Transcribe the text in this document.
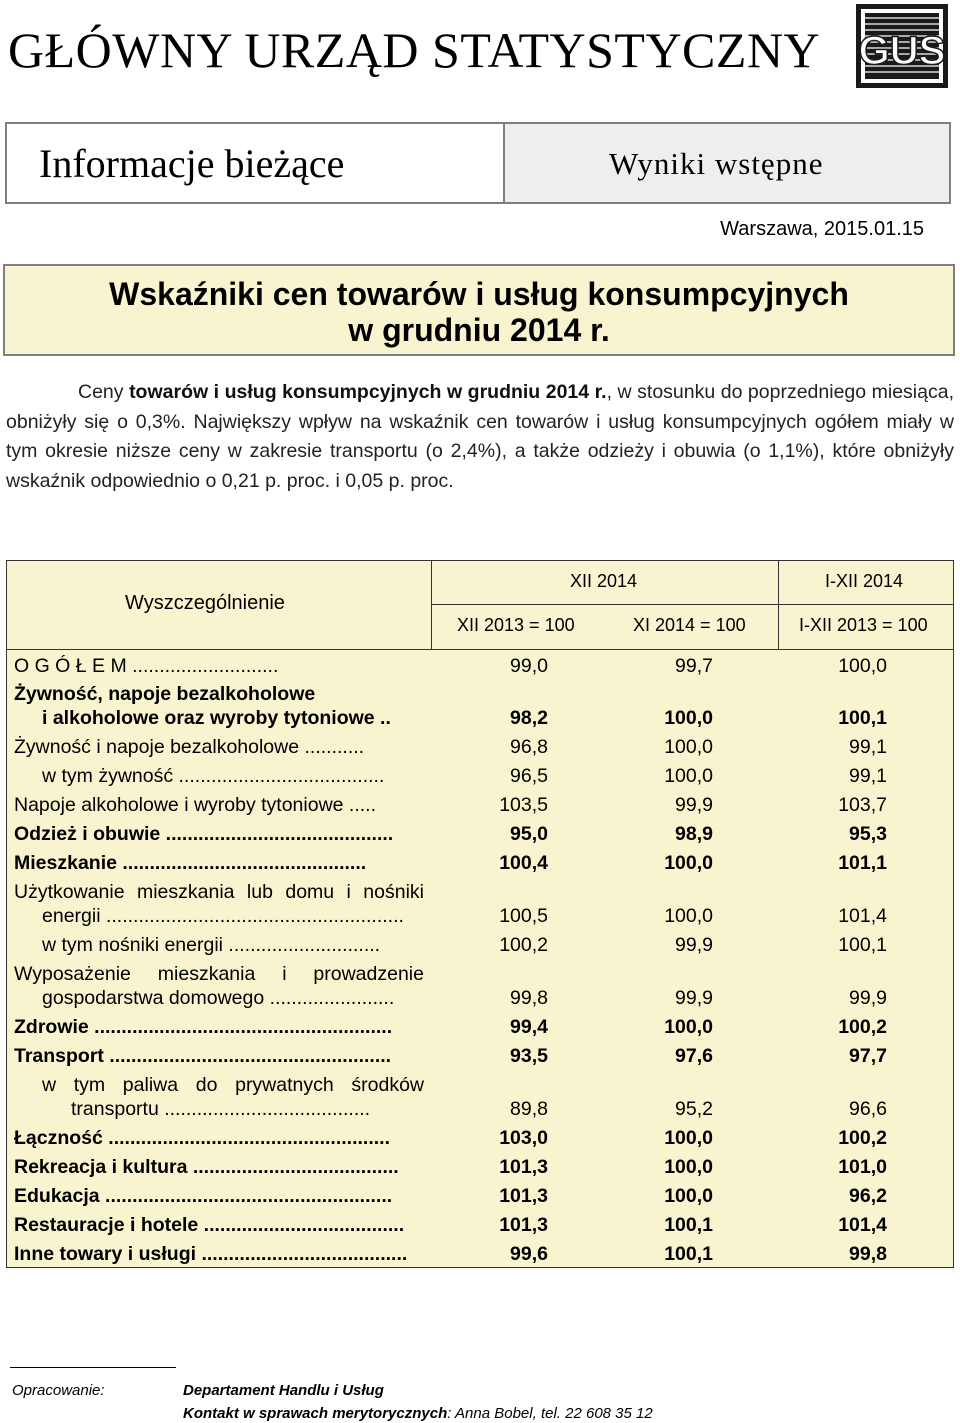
GŁÓWNY URZĄD STATYSTYCZNY GUS
Informacje bieżące	Wyniki wstępne
Warszawa, 2015.01.15
Wskaźniki cen towarów i usług konsumpcyjnych
w grudniu 2014 r.
Ceny towarów i usług konsumpcyjnych w grudniu 2014 r., w stosunku do poprzedniego miesiąca, obniżyły się o 0,3%. Największy wpływ na wskaźnik cen towarów i usług konsumpcyjnych ogółem miały w tym okresie niższe ceny w zakresie transportu (o 2,4%), a także odzieży i obuwia (o 1,1%), które obniżyły wskaźnik odpowiednio o 0,21 p. proc. i 0,05 p. proc.
Wyszczególnienie
XII 2014	I-XII 2014
XII 2013 = 100	XI 2014 = 100	I-XII 2013 = 100
O G Ó Ł E M ...........................	99,0	99,7	100,0
Żywność, napoje bezalkoholowe
i alkoholowe oraz wyroby tytoniowe ..	98,2	100,0	100,1
Żywność i napoje bezalkoholowe ...........	96,8	100,0	99,1
w tym żywność ......................................	96,5	100,0	99,1
Napoje alkoholowe i wyroby tytoniowe .....	103,5	99,9	103,7
Odzież i obuwie ..........................................	95,0	98,9	95,3
Mieszkanie .............................................	100,4	100,0	101,1
Użytkowanie mieszkania lub domu i nośniki
energii .......................................................	100,5	100,0	101,4
w tym nośniki energii ............................	100,2	99,9	100,1
Wyposażenie mieszkania i prowadzenie
gospodarstwa domowego .......................	99,8	99,9	99,9
Zdrowie .......................................................	99,4	100,0	100,2
Transport ....................................................	93,5	97,6	97,7
w tym paliwa do prywatnych środków
transportu ......................................	89,8	95,2	96,6
Łączność ....................................................	103,0	100,0	100,2
Rekreacja i kultura ......................................	101,3	100,0	101,0
Edukacja .....................................................	101,3	100,0	96,2
Restauracje i hotele .....................................	101,3	100,1	101,4
Inne towary i usługi ......................................	99,6	100,1	99,8
Opracowanie:	Departament Handlu i Usług
Kontakt w sprawach merytorycznych: Anna Bobel, tel. 22 608 35 12
